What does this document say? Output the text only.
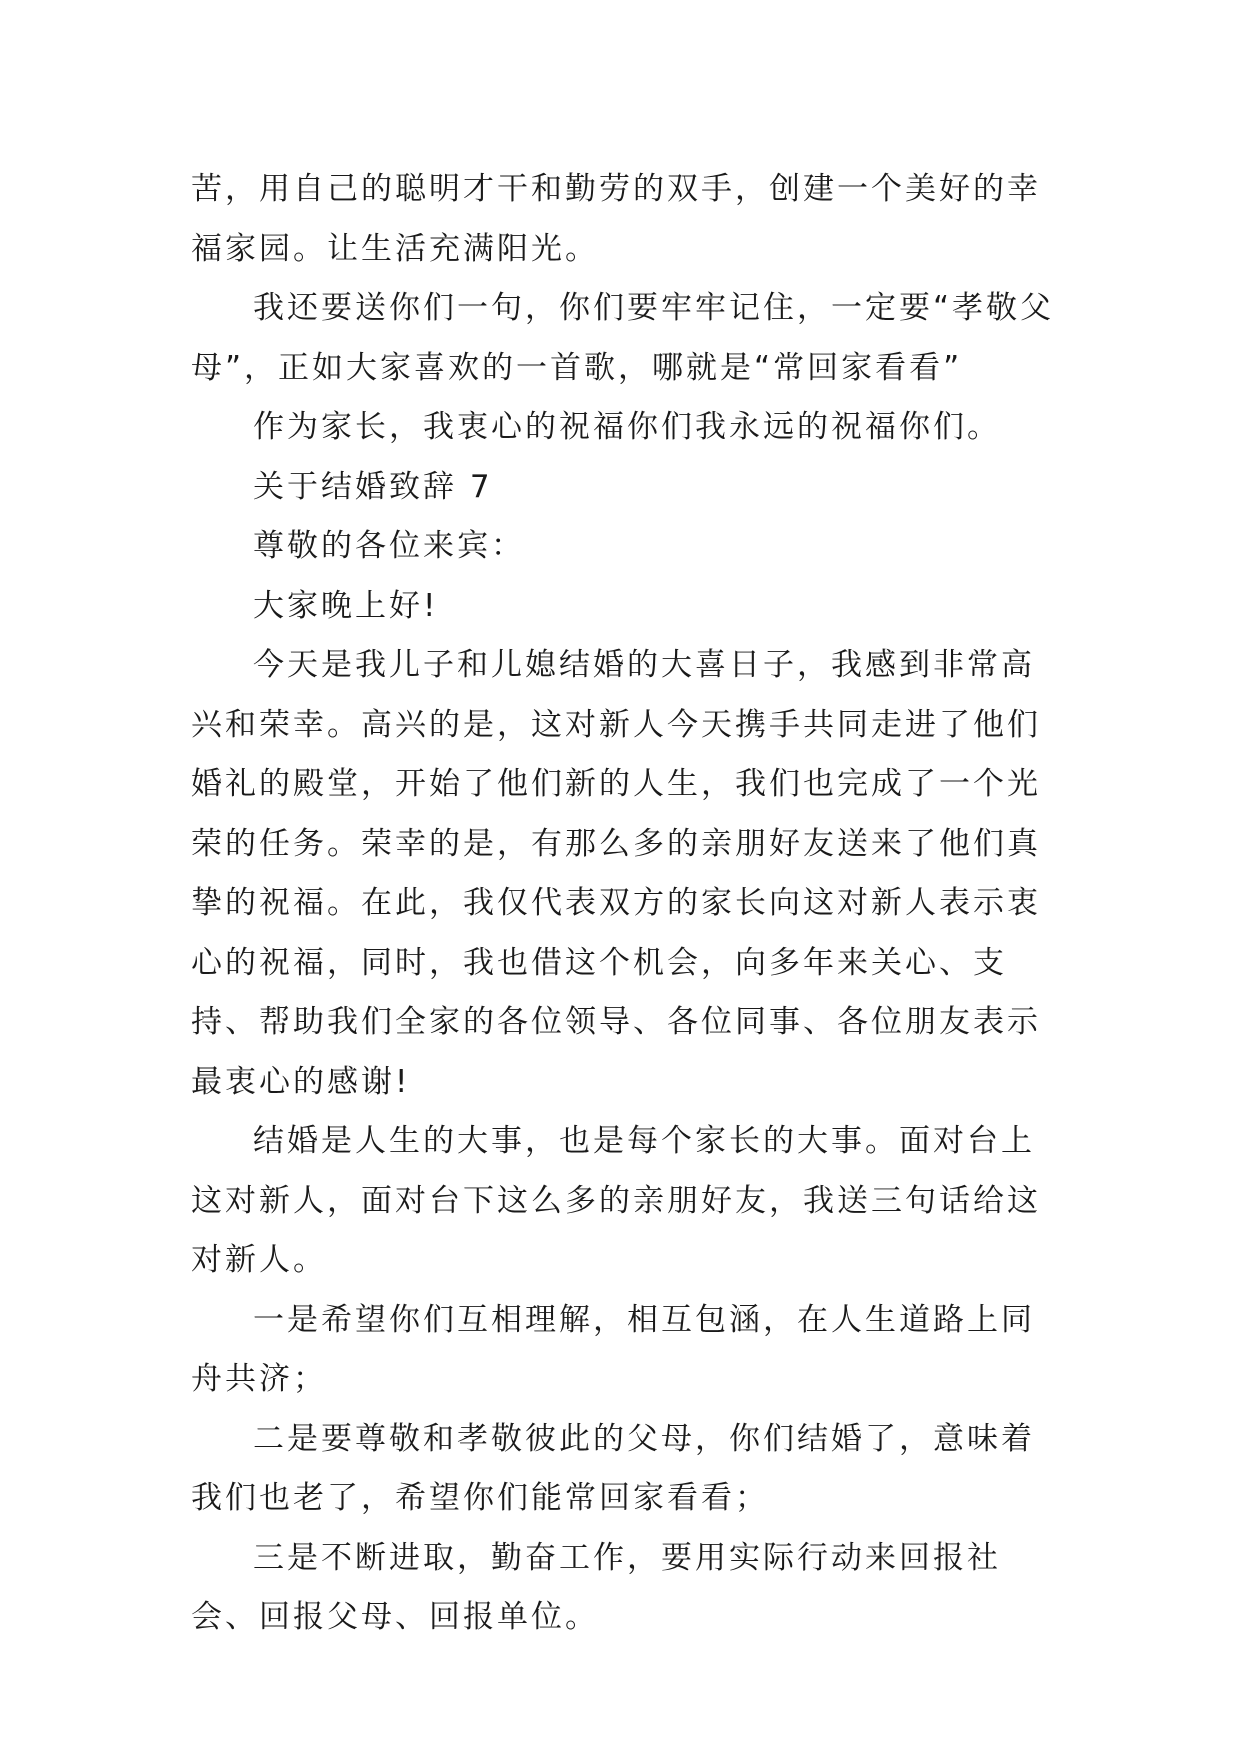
苦，用自己的聪明才干和勤劳的双手，创建一个美好的幸福家园。让生活充满阳光。

我还要送你们一句，你们要牢牢记住，一定要“孝敬父母”，正如大家喜欢的一首歌，哪就是“常回家看看”

作为家长，我衷心的祝福你们我永远的祝福你们。

关于结婚致辞 7

尊敬的各位来宾：

大家晚上好!

今天是我儿子和儿媳结婚的大喜日子，我感到非常高兴和荣幸。高兴的是，这对新人今天携手共同走进了他们婚礼的殿堂，开始了他们新的人生，我们也完成了一个光荣的任务。荣幸的是，有那么多的亲朋好友送来了他们真挚的祝福。在此，我仅代表双方的家长向这对新人表示衷心的祝福，同时，我也借这个机会，向多年来关心、支持、帮助我们全家的各位领导、各位同事、各位朋友表示最衷心的感谢!

结婚是人生的大事，也是每个家长的大事。面对台上这对新人，面对台下这么多的亲朋好友，我送三句话给这对新人。

一是希望你们互相理解，相互包涵，在人生道路上同舟共济；

二是要尊敬和孝敬彼此的父母，你们结婚了，意味着我们也老了，希望你们能常回家看看；

三是不断进取，勤奋工作，要用实际行动来回报社会、回报父母、回报单位。
